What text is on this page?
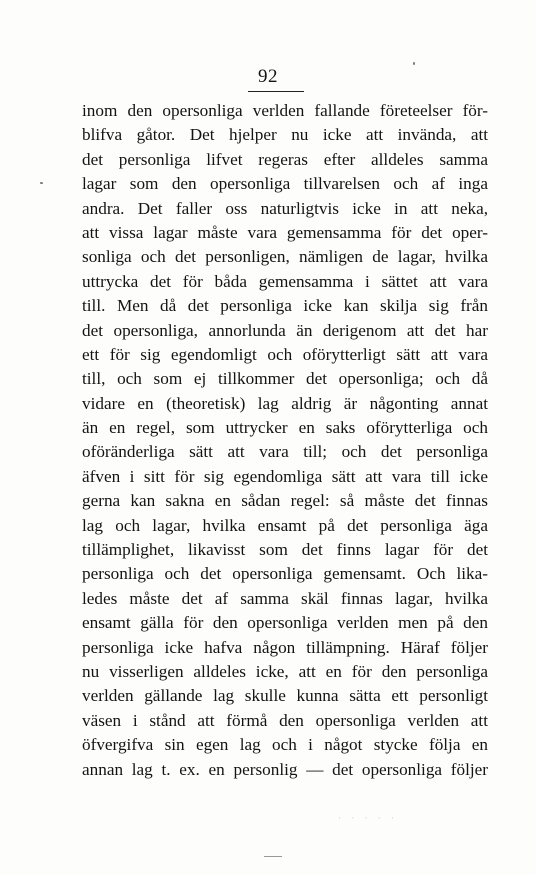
92
inom den opersonliga verlden fallande företeelser för-
blifva gåtor. Det hjelper nu icke att invända, att
det personliga lifvet regeras efter alldeles samma
lagar som den opersonliga tillvarelsen och af inga
andra. Det faller oss naturligtvis icke in att neka,
att vissa lagar måste vara gemensamma för det oper-
sonliga och det personligen, nämligen de lagar, hvilka
uttrycka det för båda gemensamma i sättet att vara
till. Men då det personliga icke kan skilja sig från
det opersonliga, annorlunda än derigenom att det har
ett för sig egendomligt och oförytterligt sätt att vara
till, och som ej tillkommer det opersonliga; och då
vidare en (theoretisk) lag aldrig är någonting annat
än en regel, som uttrycker en saks oförytterliga och
oföränderliga sätt att vara till; och det personliga
äfven i sitt för sig egendomliga sätt att vara till icke
gerna kan sakna en sådan regel: så måste det finnas
lag och lagar, hvilka ensamt på det personliga äga
tillämplighet, likavisst som det finns lagar för det
personliga och det opersonliga gemensamt. Och lika-
ledes måste det af samma skäl finnas lagar, hvilka
ensamt gälla för den opersonliga verlden men på den
personliga icke hafva någon tillämpning. Häraf följer
nu visserligen alldeles icke, att en för den personliga
verlden gällande lag skulle kunna sätta ett personligt
väsen i stånd att förmå den opersonliga verlden att
öfvergifva sin egen lag och i något stycke följa en
annan lag t. ex. en personlig — det opersonliga följer
· · · · ·
